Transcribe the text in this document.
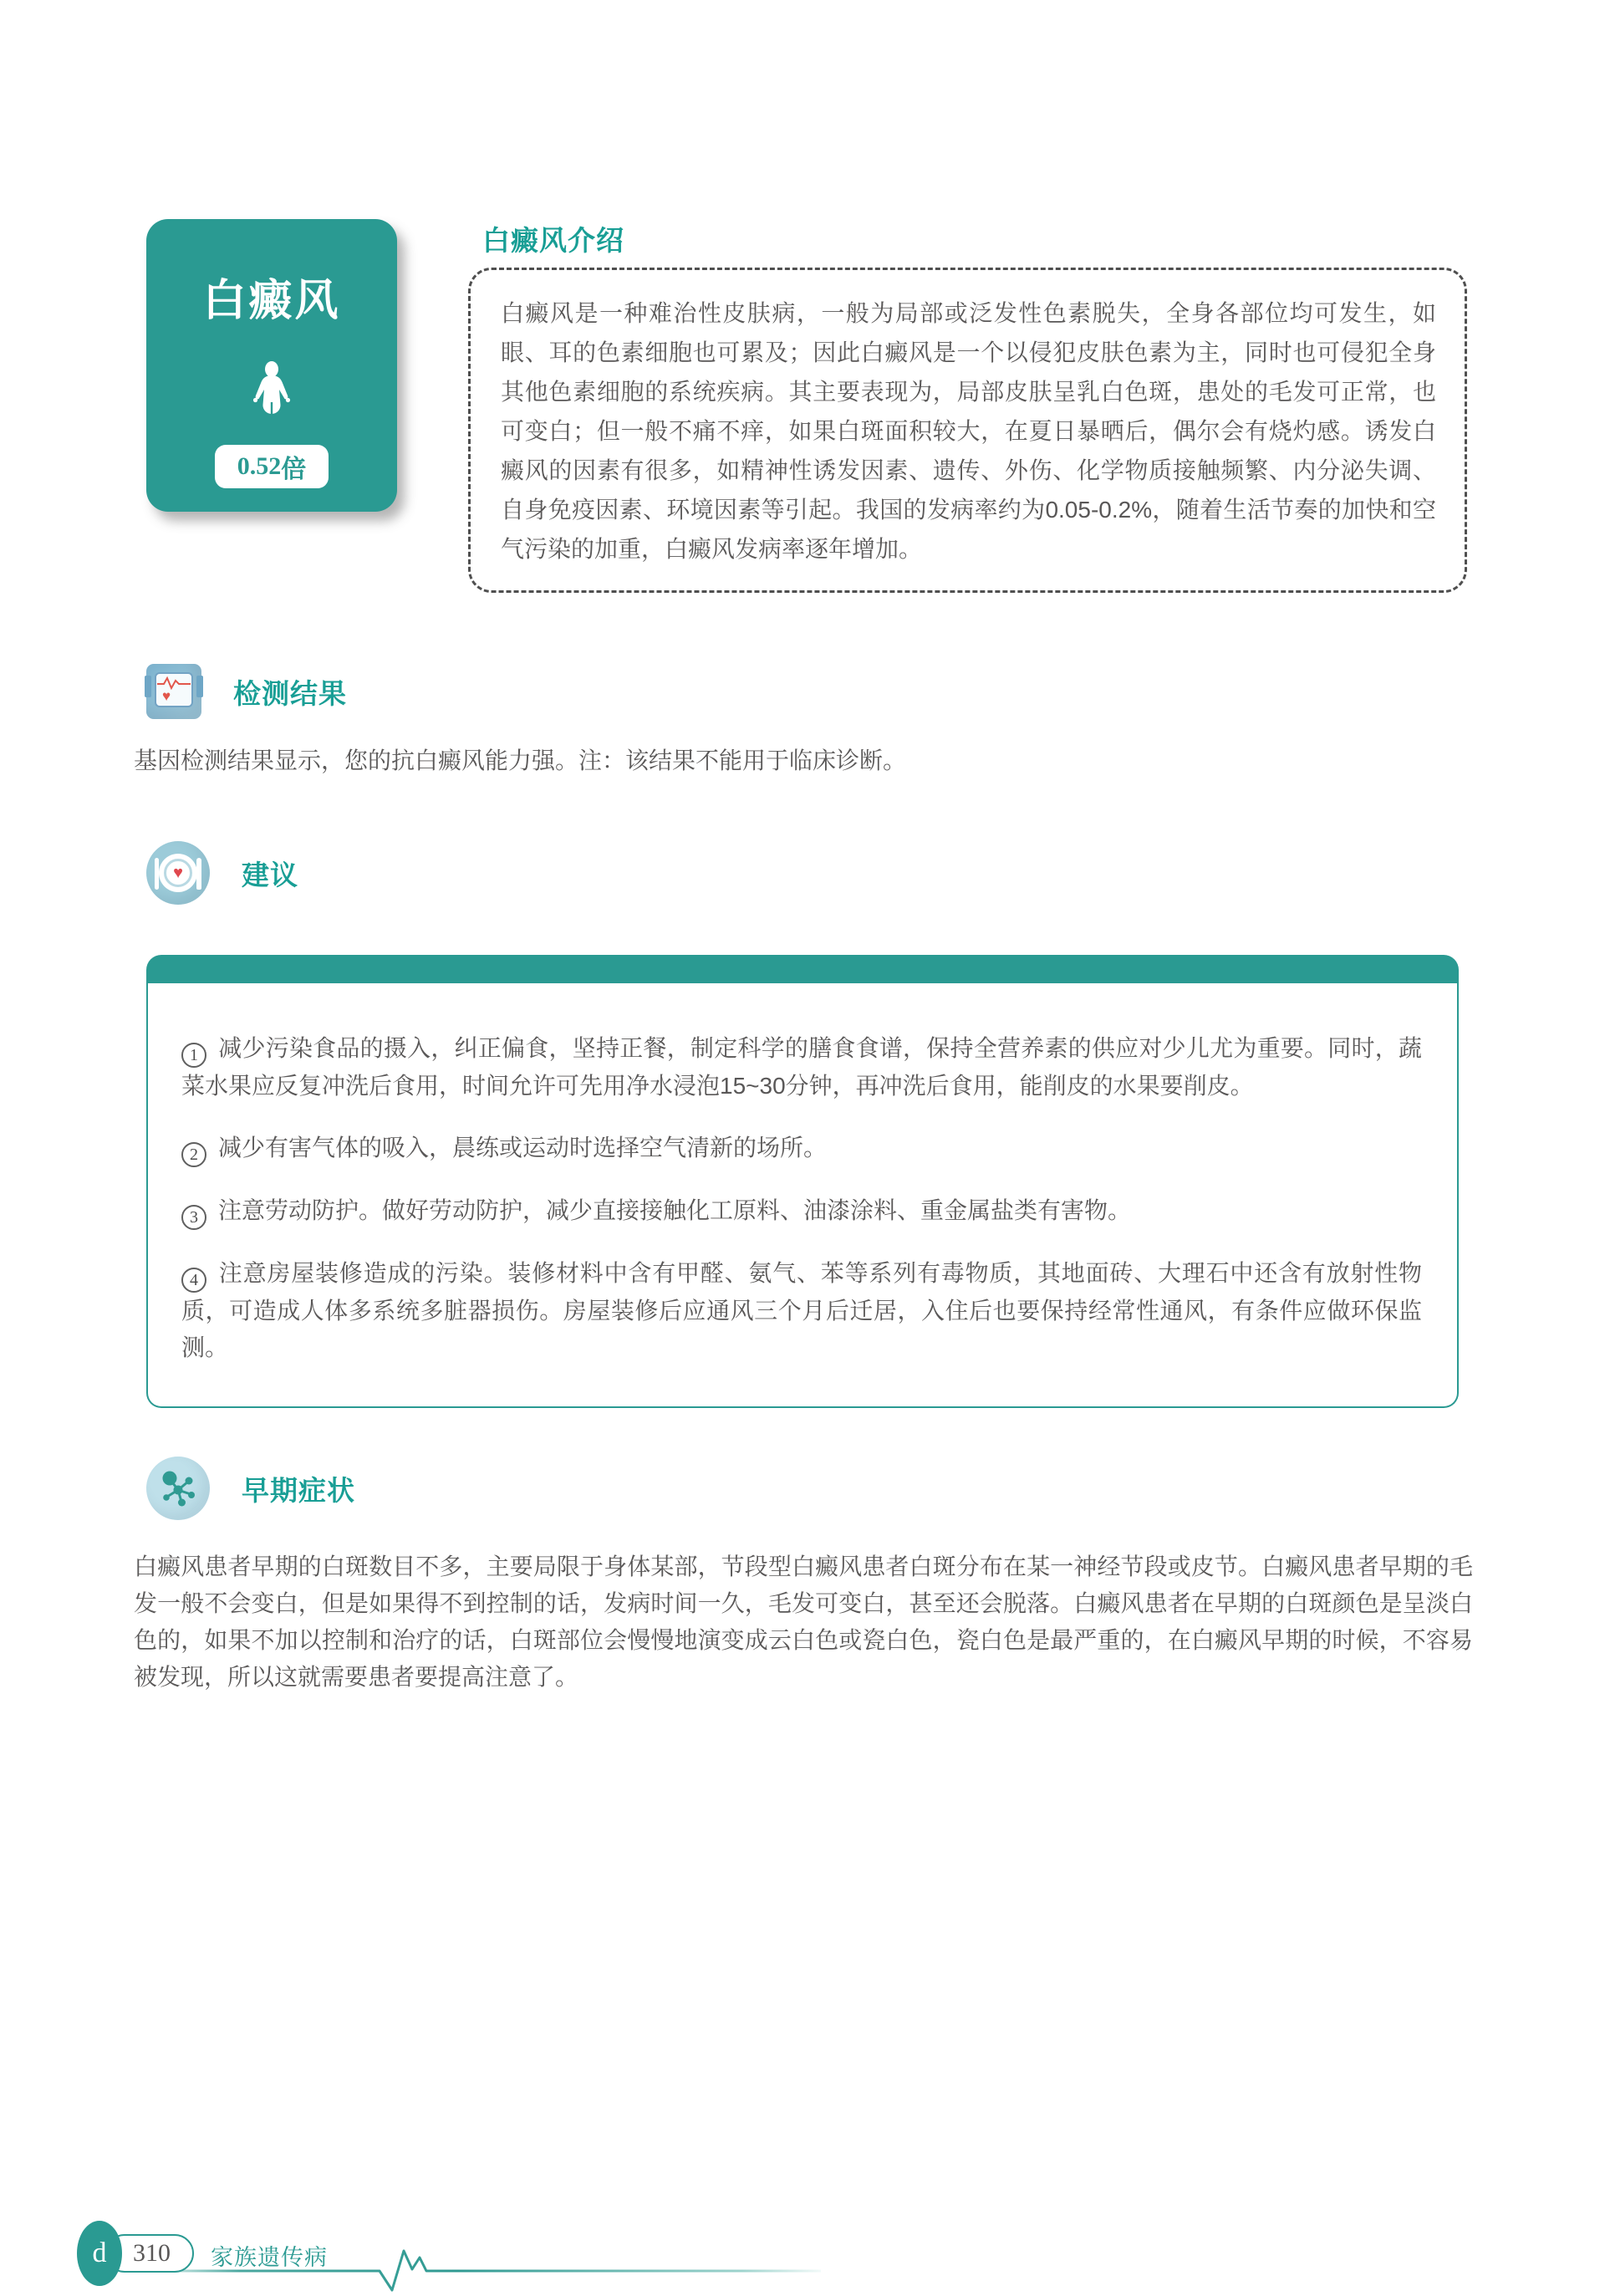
白癜风
0.52 倍
白癜风介绍

白癜风是一种难治性皮肤病，一般为局部或泛发性色素脱失，全身各部位均可发生，如眼、耳的色素细胞也可累及；因此白癜风是一个以侵犯皮肤色素为主，同时也可侵犯全身其他色素细胞的系统疾病。其主要表现为，局部皮肤呈乳白色斑，患处的毛发可正常，也可变白；但一般不痛不痒，如果白斑面积较大，在夏日暴晒后，偶尔会有烧灼感。诱发白癜风的因素有很多，如精神性诱发因素、遗传、外伤、化学物质接触频繁、内分泌失调、自身免疫因素、环境因素等引起。我国的发病率约为0.05-0.2%，随着生活节奏的加快和空气污染的加重，白癜风发病率逐年增加。

♥ 检测结果

基因检测结果显示，您的抗白癜风能力强。注：该结果不能用于临床诊断。

♥ 建议

1 减少污染食品的摄入，纠正偏食，坚持正餐，制定科学的膳食食谱，保持全营养素的供应对少儿尤为重要。同时，蔬菜水果应反复冲洗后食用，时间允许可先用净水浸泡15~30分钟，再冲洗后食用，能削皮的水果要削皮。

2 减少有害气体的吸入，晨练或运动时选择空气清新的场所。

3 注意劳动防护。做好劳动防护，减少直接接触化工原料、油漆涂料、重金属盐类有害物。

4 注意房屋装修造成的污染。装修材料中含有甲醛、氨气、苯等系列有毒物质，其地面砖、大理石中还含有放射性物质，可造成人体多系统多脏器损伤。房屋装修后应通风三个月后迁居，入住后也要保持经常性通风，有条件应做环保监测。

早期症状

白癜风患者早期的白斑数目不多，主要局限于身体某部，节段型白癜风患者白斑分布在某一神经节段或皮节。白癜风患者早期的毛发一般不会变白，但是如果得不到控制的话，发病时间一久，毛发可变白，甚至还会脱落。白癜风患者在早期的白斑颜色是呈淡白色的，如果不加以控制和治疗的话，白斑部位会慢慢地演变成云白色或瓷白色，瓷白色是最严重的，在白癜风早期的时候，不容易被发现，所以这就需要患者要提高注意了。

310
d	家族遗传病
